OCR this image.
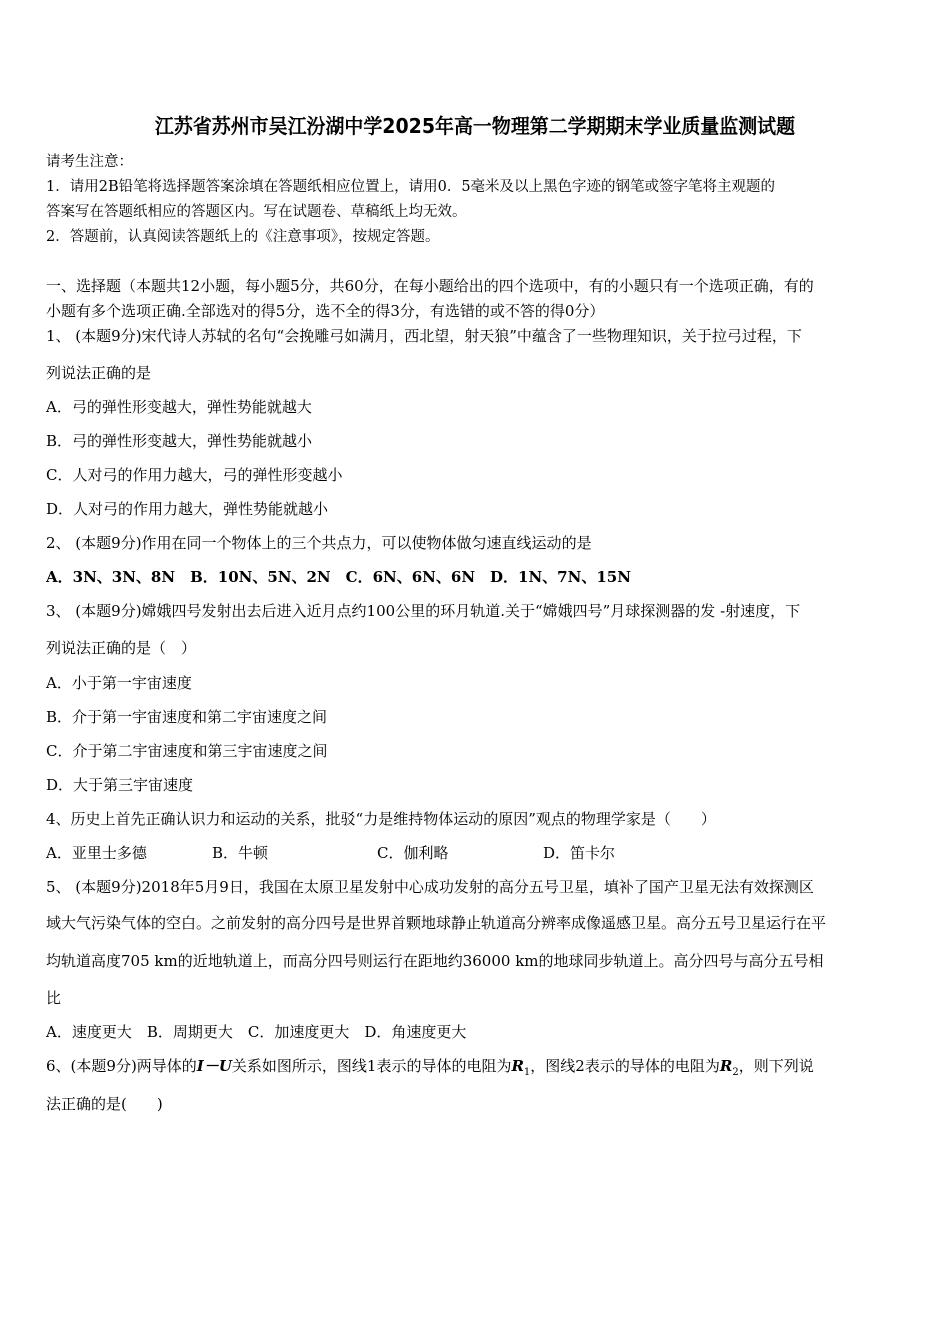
江苏省苏州市吴江汾湖中学2025年高一物理第二学期期末学业质量监测试题
请考生注意：
1．请用2B铅笔将选择题答案涂填在答题纸相应位置上，请用0．5毫米及以上黑色字迹的钢笔或签字笔将主观题的
答案写在答题纸相应的答题区内。写在试题卷、草稿纸上均无效。
2．答题前，认真阅读答题纸上的《注意事项》，按规定答题。
一、选择题（本题共12小题，每小题5分，共60分，在每小题给出的四个选项中，有的小题只有一个选项正确，有的
小题有多个选项正确.全部选对的得5分，选不全的得3分，有选错的或不答的得0分）
1、 (本题9分)宋代诗人苏轼的名句“会挽雕弓如满月，西北望，射天狼”中蕴含了一些物理知识，关于拉弓过程，下
列说法正确的是
A．弓的弹性形变越大，弹性势能就越大
B．弓的弹性形变越大，弹性势能就越小
C．人对弓的作用力越大，弓的弹性形变越小
D．人对弓的作用力越大，弹性势能就越小
2、 (本题9分)作用在同一个物体上的三个共点力，可以使物体做匀速直线运动的是
A．3N、3N、8N　B．10N、5N、2N　C．6N、6N、6N　D．1N、7N、15N
3、 (本题9分)嫦娥四号发射出去后进入近月点约100公里的环月轨道.关于“嫦娥四号”月球探测器的发 -射速度，下
列说法正确的是（　）
A．小于第一宇宙速度
B．介于第一宇宙速度和第二宇宙速度之间
C．介于第二宇宙速度和第三宇宙速度之间
D．大于第三宇宙速度
4、历史上首先正确认识力和运动的关系，批驳“力是维持物体运动的原因”观点的物理学家是（　　）
A．亚里士多德	B．牛顿	C．伽利略	D．笛卡尔
5、 (本题9分)2018年5月9日，我国在太原卫星发射中心成功发射的高分五号卫星，填补了国产卫星无法有效探测区
域大气污染气体的空白。之前发射的高分四号是世界首颗地球静止轨道高分辨率成像遥感卫星。高分五号卫星运行在平
均轨道高度705 km的近地轨道上，而高分四号则运行在距地约36000 km的地球同步轨道上。高分四号与高分五号相
比
A．速度更大　B．周期更大　C．加速度更大　D．角速度更大
6、(本题9分)两导体的I－U关系如图所示，图线1表示的导体的电阻为$R_1$，图线2表示的导体的电阻为$R_2$，则下列说
法正确的是(　　)
